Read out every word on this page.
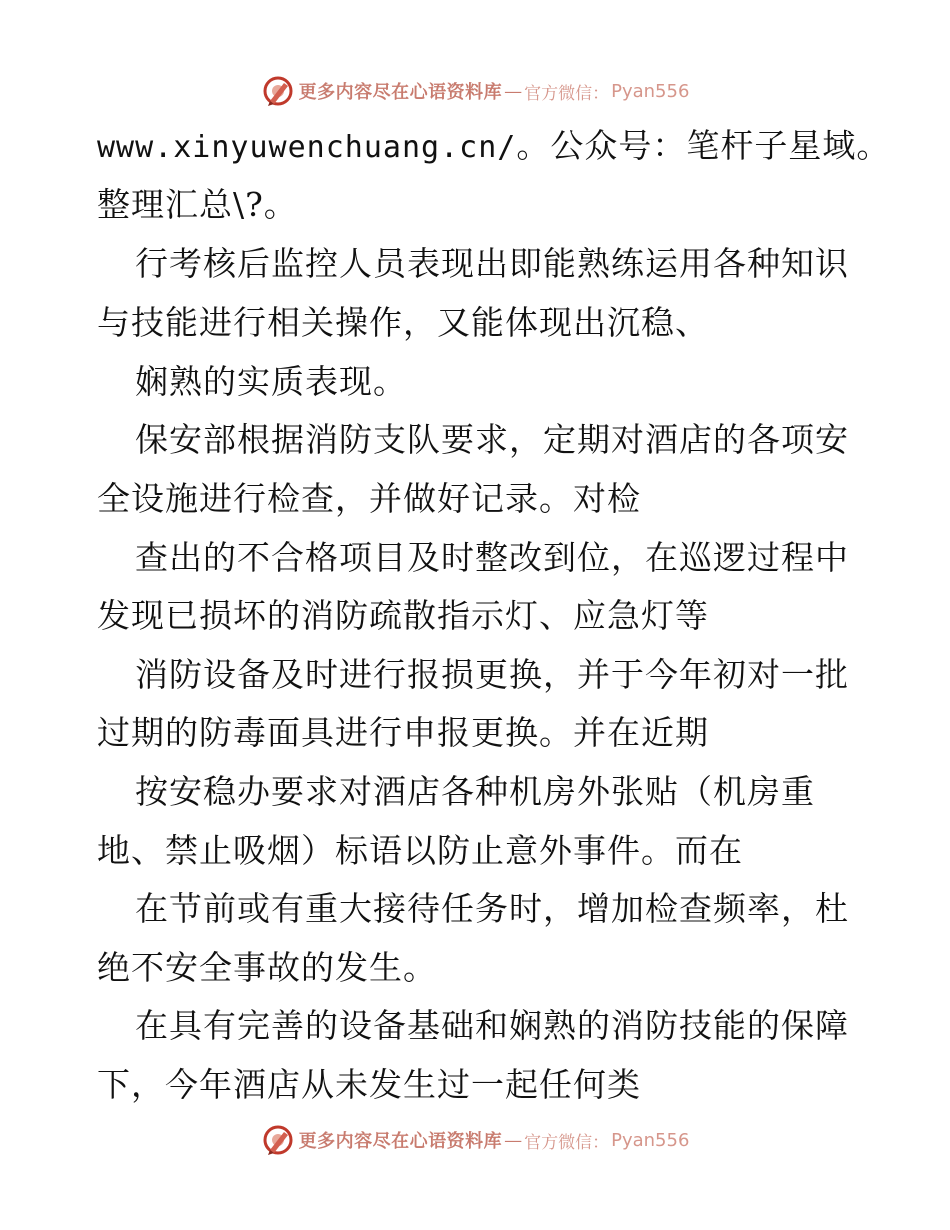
更多内容尽在心语资料库 — 官方微信： Pyan556
www.xinyuwenchuang.cn/。公众号：笔杆子星域。
整理汇总\?。
行考核后监控人员表现出即能熟练运用各种知识
与技能进行相关操作，又能体现出沉稳、
娴熟的实质表现。
保安部根据消防支队要求，定期对酒店的各项安
全设施进行检查，并做好记录。对检
查出的不合格项目及时整改到位，在巡逻过程中
发现已损坏的消防疏散指示灯、应急灯等
消防设备及时进行报损更换，并于今年初对一批
过期的防毒面具进行申报更换。并在近期
按安稳办要求对酒店各种机房外张贴（机房重
地、禁止吸烟）标语以防止意外事件。而在
在节前或有重大接待任务时，增加检查频率，杜
绝不安全事故的发生。
在具有完善的设备基础和娴熟的消防技能的保障
下，今年酒店从未发生过一起任何类
更多内容尽在心语资料库 — 官方微信： Pyan556
